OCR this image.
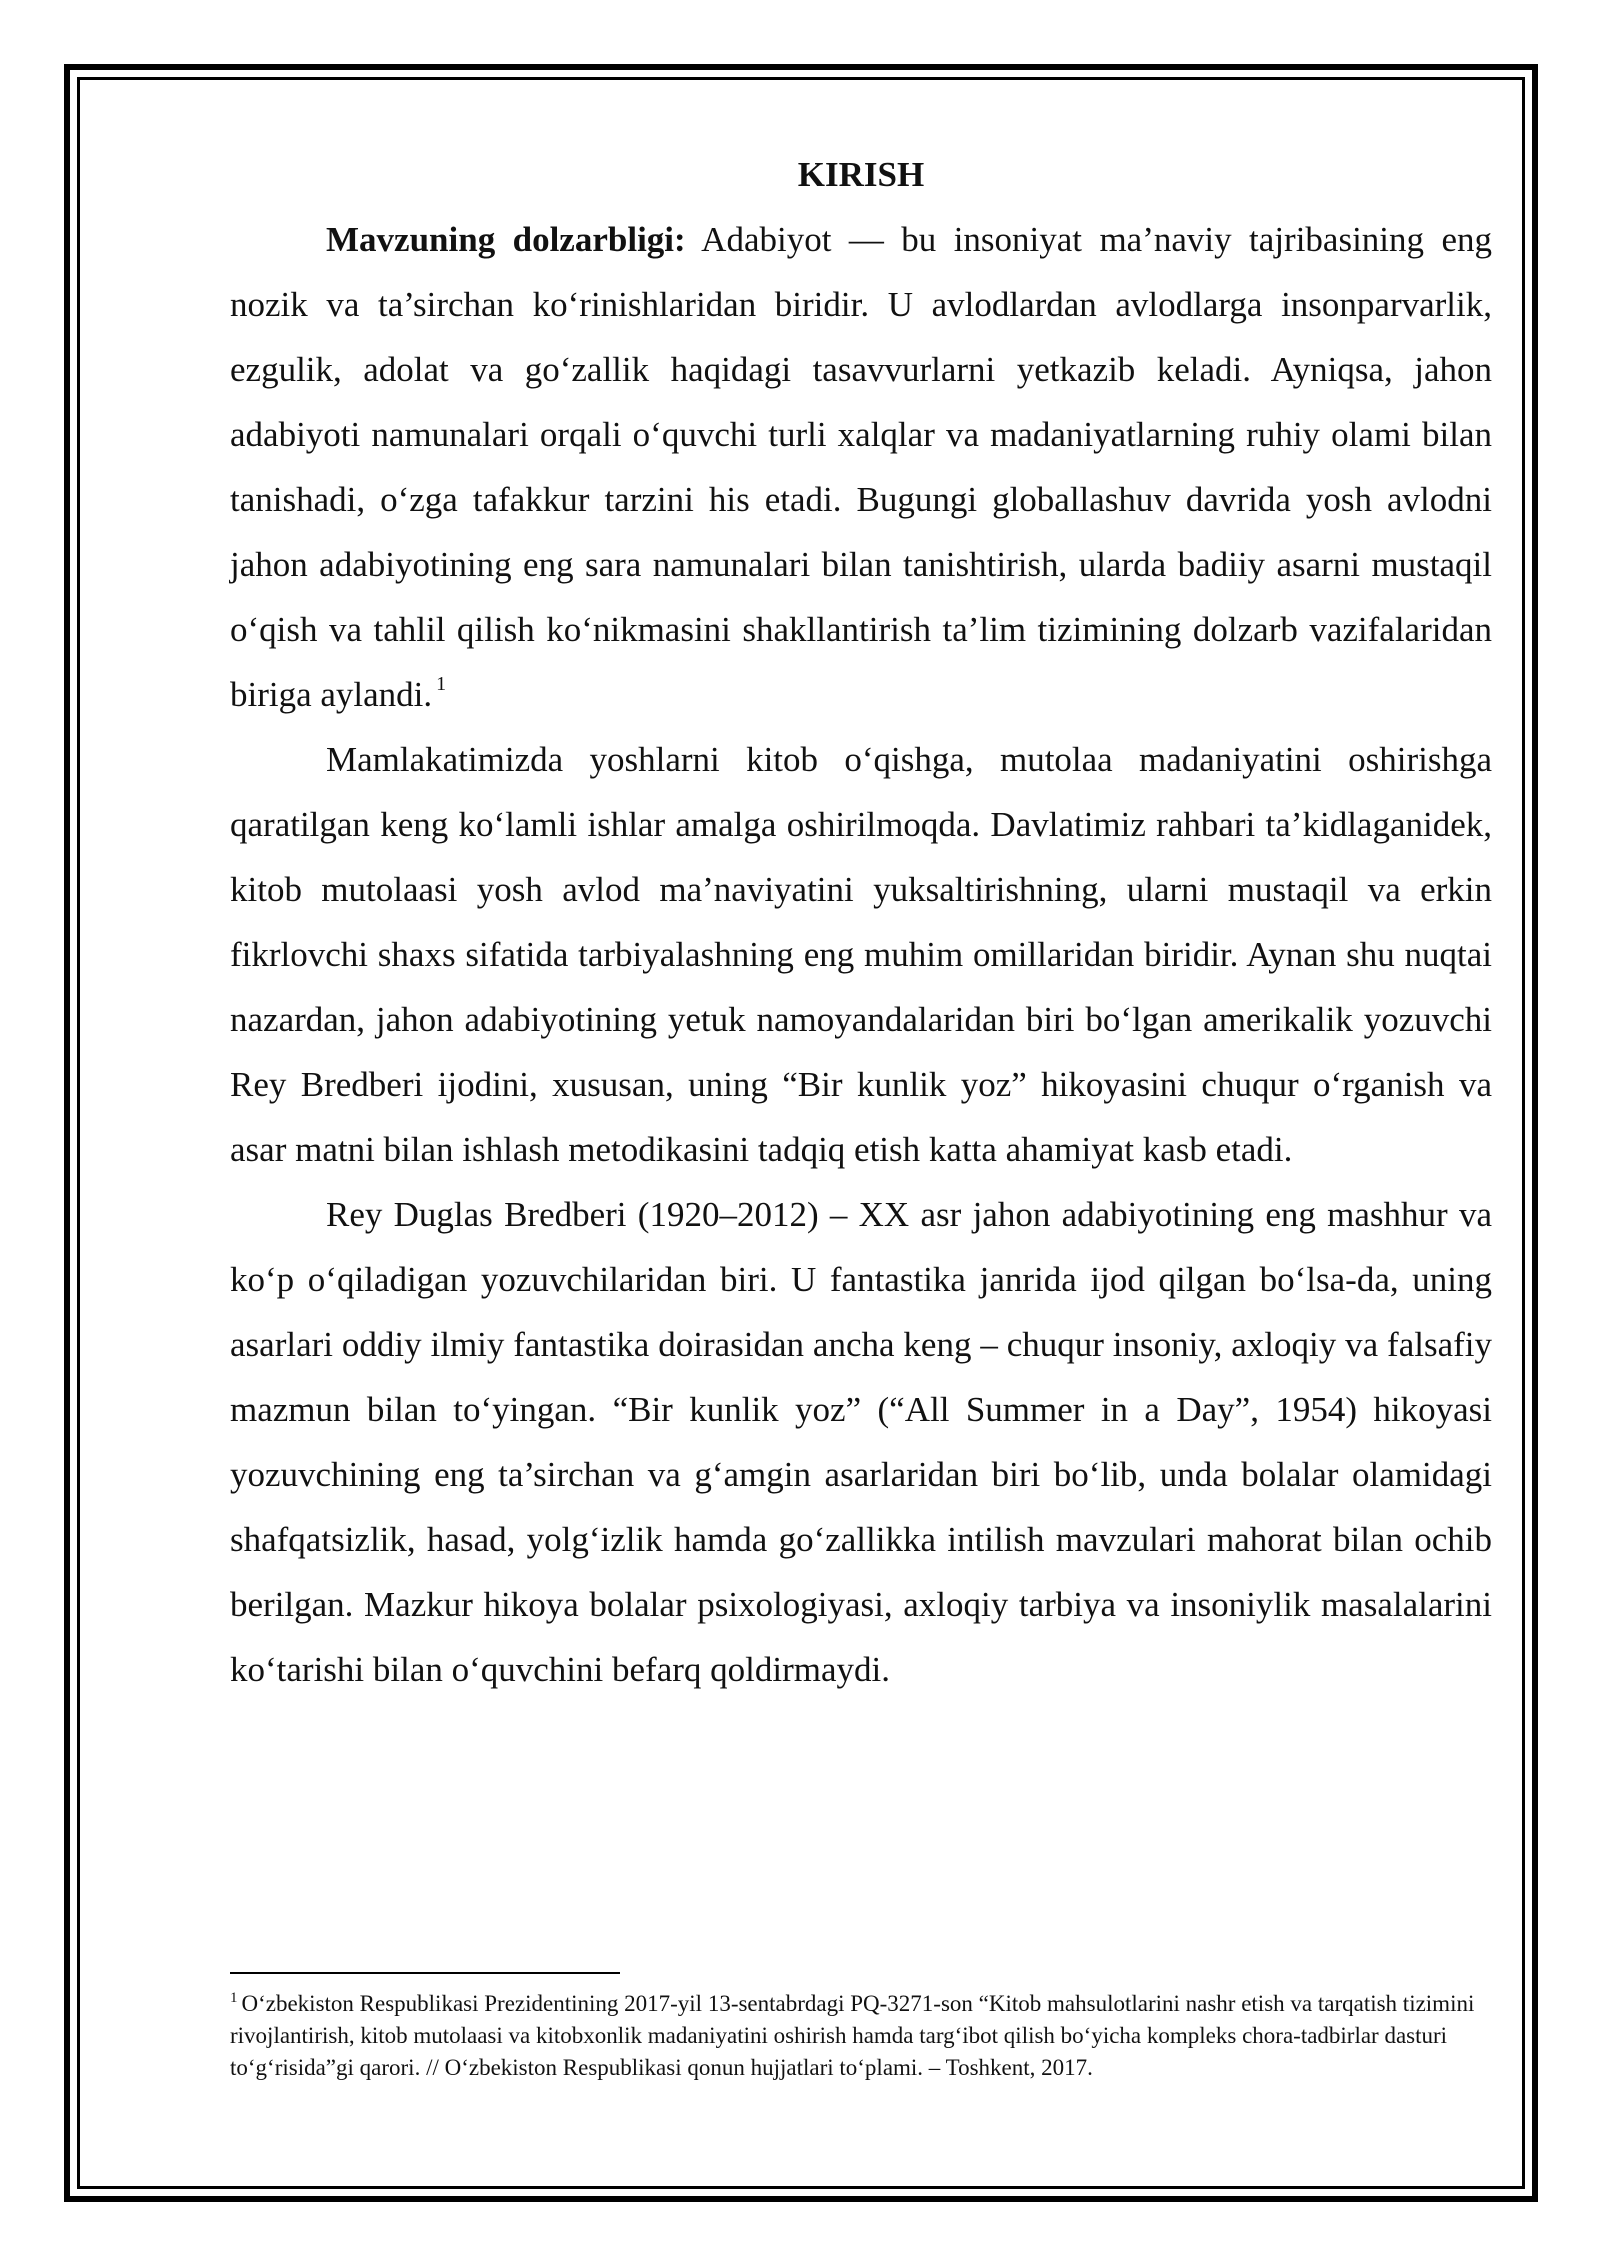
KIRISH

Mavzuning dolzarbligi: Adabiyot — bu insoniyat ma’naviy tajribasining eng nozik va ta’sirchan ko‘rinishlaridan biridir. U avlodlardan avlodlarga insonparvarlik, ezgulik, adolat va go‘zallik haqidagi tasavvurlarni yetkazib keladi. Ayniqsa, jahon adabiyoti namunalari orqali o‘quvchi turli xalqlar va madaniyatlarning ruhiy olami bilan tanishadi, o‘zga tafakkur tarzini his etadi. Bugungi globallashuv davrida yosh avlodni jahon adabiyotining eng sara namunalari bilan tanishtirish, ularda badiiy asarni mustaqil o‘qish va tahlil qilish ko‘nikmasini shakllantirish ta’lim tizimining dolzarb vazifalaridan biriga aylandi. $^1$

Mamlakatimizda yoshlarni kitob o‘qishga, mutolaa madaniyatini oshirishga qaratilgan keng ko‘lamli ishlar amalga oshirilmoqda. Davlatimiz rahbari ta’kidlaganidek, kitob mutolaasi yosh avlod ma’naviyatini yuksaltirishning, ularni mustaqil va erkin fikrlovchi shaxs sifatida tarbiyalashning eng muhim omillaridan biridir. Aynan shu nuqtai nazardan, jahon adabiyotining yetuk namoyandalaridan biri bo‘lgan amerikalik yozuvchi Rey Bredberi ijodini, xususan, uning “Bir kunlik yoz” hikoyasini chuqur o‘rganish va asar matni bilan ishlash metodikasini tadqiq etish katta ahamiyat kasb etadi.

Rey Duglas Bredberi (1920–2012) – XX asr jahon adabiyotining eng mashhur va ko‘p o‘qiladigan yozuvchilaridan biri. U fantastika janrida ijod qilgan bo‘lsa-da, uning asarlari oddiy ilmiy fantastika doirasidan ancha keng – chuqur insoniy, axloqiy va falsafiy mazmun bilan to‘yingan. “Bir kunlik yoz” (“All Summer in a Day”, 1954) hikoyasi yozuvchining eng ta’sirchan va g‘amgin asarlaridan biri bo‘lib, unda bolalar olamidagi shafqatsizlik, hasad, yolg‘izlik hamda go‘zallikka intilish mavzulari mahorat bilan ochib berilgan. Mazkur hikoya bolalar psixologiyasi, axloqiy tarbiya va insoniylik masalalarini ko‘tarishi bilan o‘quvchini befarq qoldirmaydi.

$^1$ O‘zbekiston Respublikasi Prezidentining 2017-yil 13-sentabrdagi PQ-3271-son “Kitob mahsulotlarini nashr etish va tarqatish tizimini rivojlantirish, kitob mutolaasi va kitobxonlik madaniyatini oshirish hamda targ‘ibot qilish bo‘yicha kompleks chora-tadbirlar dasturi to‘g‘risida”gi qarori. // O‘zbekiston Respublikasi qonun hujjatlari to‘plami. – Toshkent, 2017.
